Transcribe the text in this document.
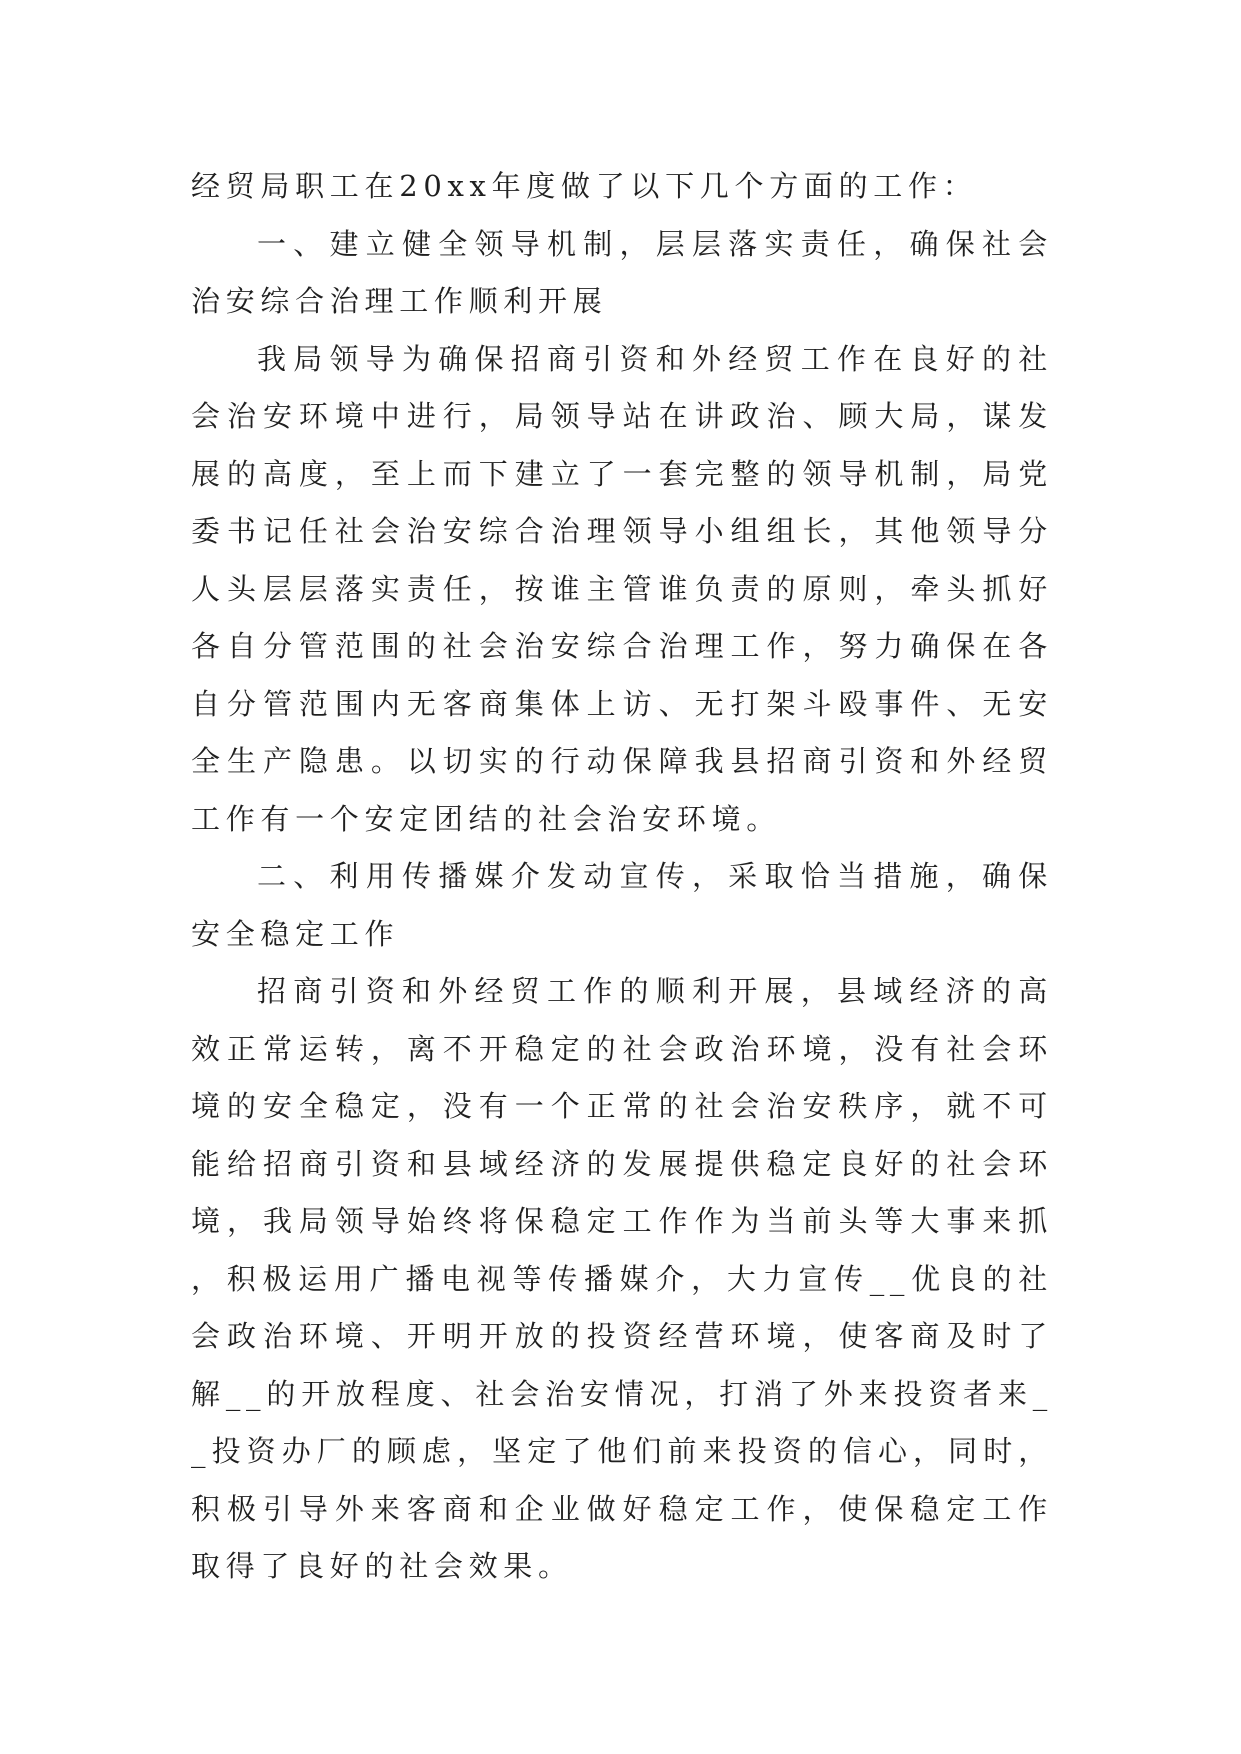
经贸局职工在20xx年度做了以下几个方面的工作：

一、建立健全领导机制，层层落实责任，确保社会治安综合治理工作顺利开展

我局领导为确保招商引资和外经贸工作在良好的社会治安环境中进行，局领导站在讲政治、顾大局，谋发展的高度，至上而下建立了一套完整的领导机制，局党委书记任社会治安综合治理领导小组组长，其他领导分人头层层落实责任，按谁主管谁负责的原则，牵头抓好各自分管范围的社会治安综合治理工作，努力确保在各自分管范围内无客商集体上访、无打架斗殴事件、无安全生产隐患。以切实的行动保障我县招商引资和外经贸工作有一个安定团结的社会治安环境。

二、利用传播媒介发动宣传，采取恰当措施，确保安全稳定工作

招商引资和外经贸工作的顺利开展，县域经济的高效正常运转，离不开稳定的社会政治环境，没有社会环境的安全稳定，没有一个正常的社会治安秩序，就不可能给招商引资和县域经济的发展提供稳定良好的社会环境，我局领导始终将保稳定工作作为当前头等大事来抓，积极运用广播电视等传播媒介，大力宣传__优良的社会政治环境、开明开放的投资经营环境，使客商及时了解__的开放程度、社会治安情况，打消了外来投资者来__投资办厂的顾虑，坚定了他们前来投资的信心，同时，积极引导外来客商和企业做好稳定工作，使保稳定工作取得了良好的社会效果。
